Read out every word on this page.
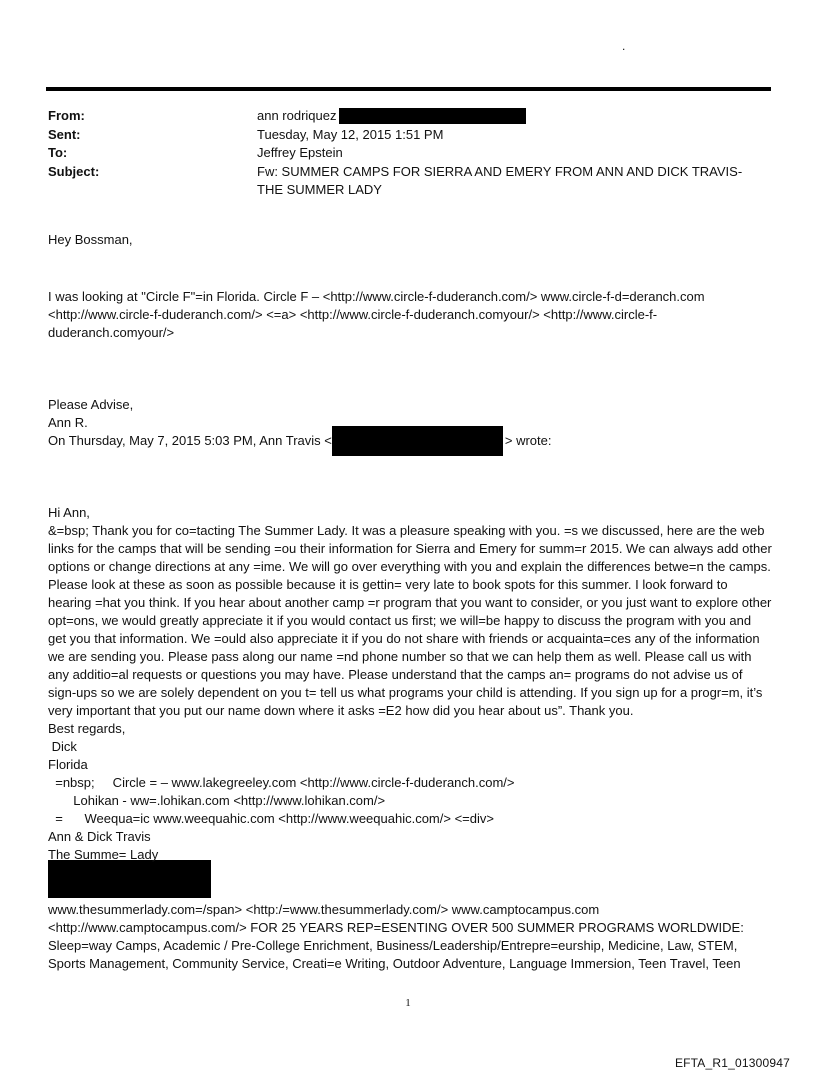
.
From:	ann rodriquez
Sent:	Tuesday, May 12, 2015 1:51 PM
To:	Jeffrey Epstein
Subject:	Fw: SUMMER CAMPS FOR SIERRA AND EMERY FROM ANN AND DICK TRAVIS- THE SUMMER LADY

Hey Bossman,

I was looking at "Circle F"=in Florida. Circle F – <http://www.circle-f-duderanch.com/> www.circle-f-d=deranch.com <http://www.circle-f-duderanch.com/> <=a> <http://www.circle-f-duderanch.comyour/> <http://www.circle-f-duderanch.comyour/>

Please Advise,

Ann R.

On Thursday, May 7, 2015 5:03 PM, Ann Travis <	> wrote:

Hi Ann,

&=bsp; Thank you for co=tacting The Summer Lady. It was a pleasure speaking with you. =s we discussed, here are the web links for the camps that will be sending =ou their information for Sierra and Emery for summ=r 2015. We can always add other options or change directions at any =ime. We will go over everything with you and explain the differences betwe=n the camps. Please look at these as soon as possible because it is gettin= very late to book spots for this summer. I look forward to hearing =hat you think. If you hear about another camp =r program that you want to consider, or you just want to explore other opt=ons, we would greatly appreciate it if you would contact us first; we will=be happy to discuss the program with you and get you that information. We =ould also appreciate it if you do not share with friends or acquainta=ces any of the information we are sending you. Please pass along our name =nd phone number so that we can help them as well. Please call us with any additio=al requests or questions you may have. Please understand that the camps an= programs do not advise us of sign-ups so we are solely dependent on you t= tell us what programs your child is attending. If you sign up for a progr=m, it’s very important that you put our name down where it asks =E2 how did you hear about us”. Thank you.

Best regards,

Dick
Florida
=nbsp;     Circle = – www.lakegreeley.com <http://www.circle-f-duderanch.com/>
Lohikan - ww=.lohikan.com <http://www.lohikan.com/>
=      Weequa=ic www.weequahic.com <http://www.weequahic.com/> <=div>
Ann & Dick Travis
The Summe= Lady

www.thesummerlady.com=/span> <http:/=www.thesummerlady.com/> www.camptocampus.com <http://www.camptocampus.com/> FOR 25 YEARS REP=ESENTING OVER 500 SUMMER PROGRAMS WORLDWIDE: Sleep=way Camps, Academic / Pre-College Enrichment, Business/Leadership/Entrepre=eurship, Medicine, Law, STEM, Sports Management, Community Service, Creati=e Writing, Outdoor Adventure, Language Immersion, Teen Travel, Teen

1
EFTA_R1_01300947
